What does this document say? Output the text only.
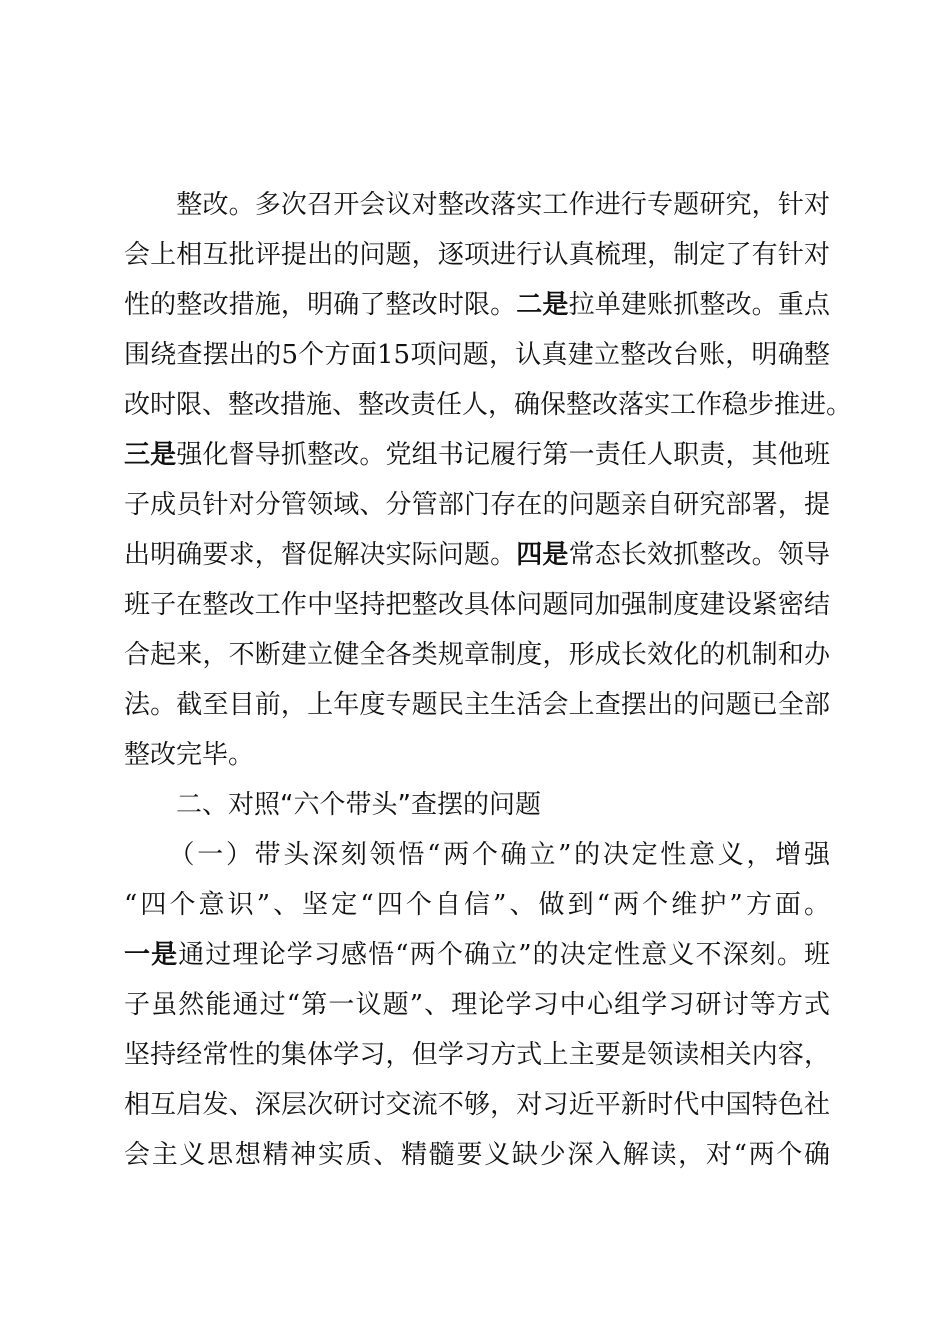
　　整改。多次召开会议对整改落实工作进行专题研究，针对
会上相互批评提出的问题，逐项进行认真梳理，制定了有针对
性的整改措施，明确了整改时限。二是拉单建账抓整改。重点
围绕查摆出的5个方面15项问题，认真建立整改台账，明确整
改时限、整改措施、整改责任人，确保整改落实工作稳步推进。
三是强化督导抓整改。党组书记履行第一责任人职责，其他班
子成员针对分管领域、分管部门存在的问题亲自研究部署，提
出明确要求，督促解决实际问题。四是常态长效抓整改。领导
班子在整改工作中坚持把整改具体问题同加强制度建设紧密结
合起来，不断建立健全各类规章制度，形成长效化的机制和办
法。截至目前，上年度专题民主生活会上查摆出的问题已全部
整改完毕。
　　二、对照“六个带头”查摆的问题
　　（一）带头深刻领悟“两个确立”的决定性意义，增强
“四个意识”、坚定“四个自信”、做到“两个维护”方面。
一是通过理论学习感悟“两个确立”的决定性意义不深刻。班
子虽然能通过“第一议题”、理论学习中心组学习研讨等方式
坚持经常性的集体学习，但学习方式上主要是领读相关内容，
相互启发、深层次研讨交流不够，对习近平新时代中国特色社
会主义思想精神实质、精髓要义缺少深入解读，对“两个确
